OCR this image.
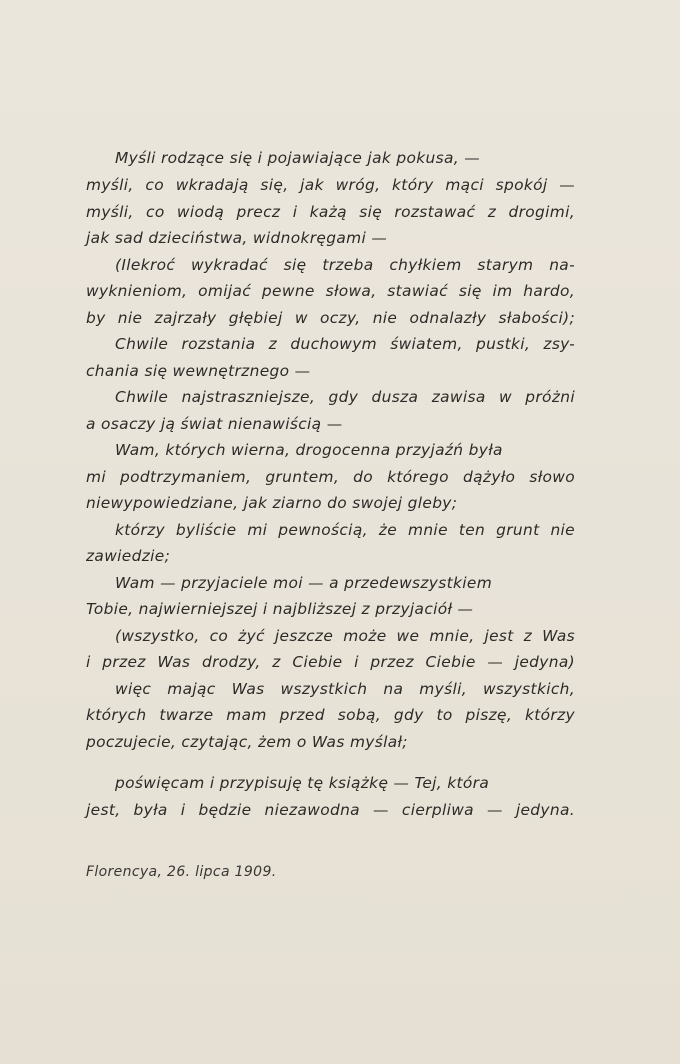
Myśli rodzące się i pojawiające jak pokusa, —
myśli, co wkradają się, jak wróg, który mąci spokój —
myśli, co wiodą precz i każą się rozstawać z drogimi,
jak sad dzieciństwa, widnokręgami —
(Ilekroć wykradać się trzeba chyłkiem starym na-
wyknieniom, omijać pewne słowa, stawiać się im hardo,
by nie zajrzały głębiej w oczy, nie odnalazły słabości);
Chwile rozstania z duchowym światem, pustki, zsy-
chania się wewnętrznego —
Chwile najstraszniejsze, gdy dusza zawisa w próżni
a osaczy ją świat nienawiścią —
Wam, których wierna, drogocenna przyjaźń była
mi podtrzymaniem, gruntem, do którego dążyło słowo
niewypowiedziane, jak ziarno do swojej gleby;
którzy byliście mi pewnością, że mnie ten grunt nie
zawiedzie;
Wam — przyjaciele moi — a przedewszystkiem
Tobie, najwierniejszej i najbliższej z przyjaciół —
(wszystko, co żyć jeszcze może we mnie, jest z Was
i przez Was drodzy, z Ciebie i przez Ciebie — jedyna)
więc mając Was wszystkich na myśli, wszystkich,
których twarze mam przed sobą, gdy to piszę, którzy
poczujecie, czytając, żem o Was myślał;
poświęcam i przypisuję tę książkę — Tej, która
jest, była i będzie niezawodna — cierpliwa — jedyna.
Florencya, 26. lipca 1909.
